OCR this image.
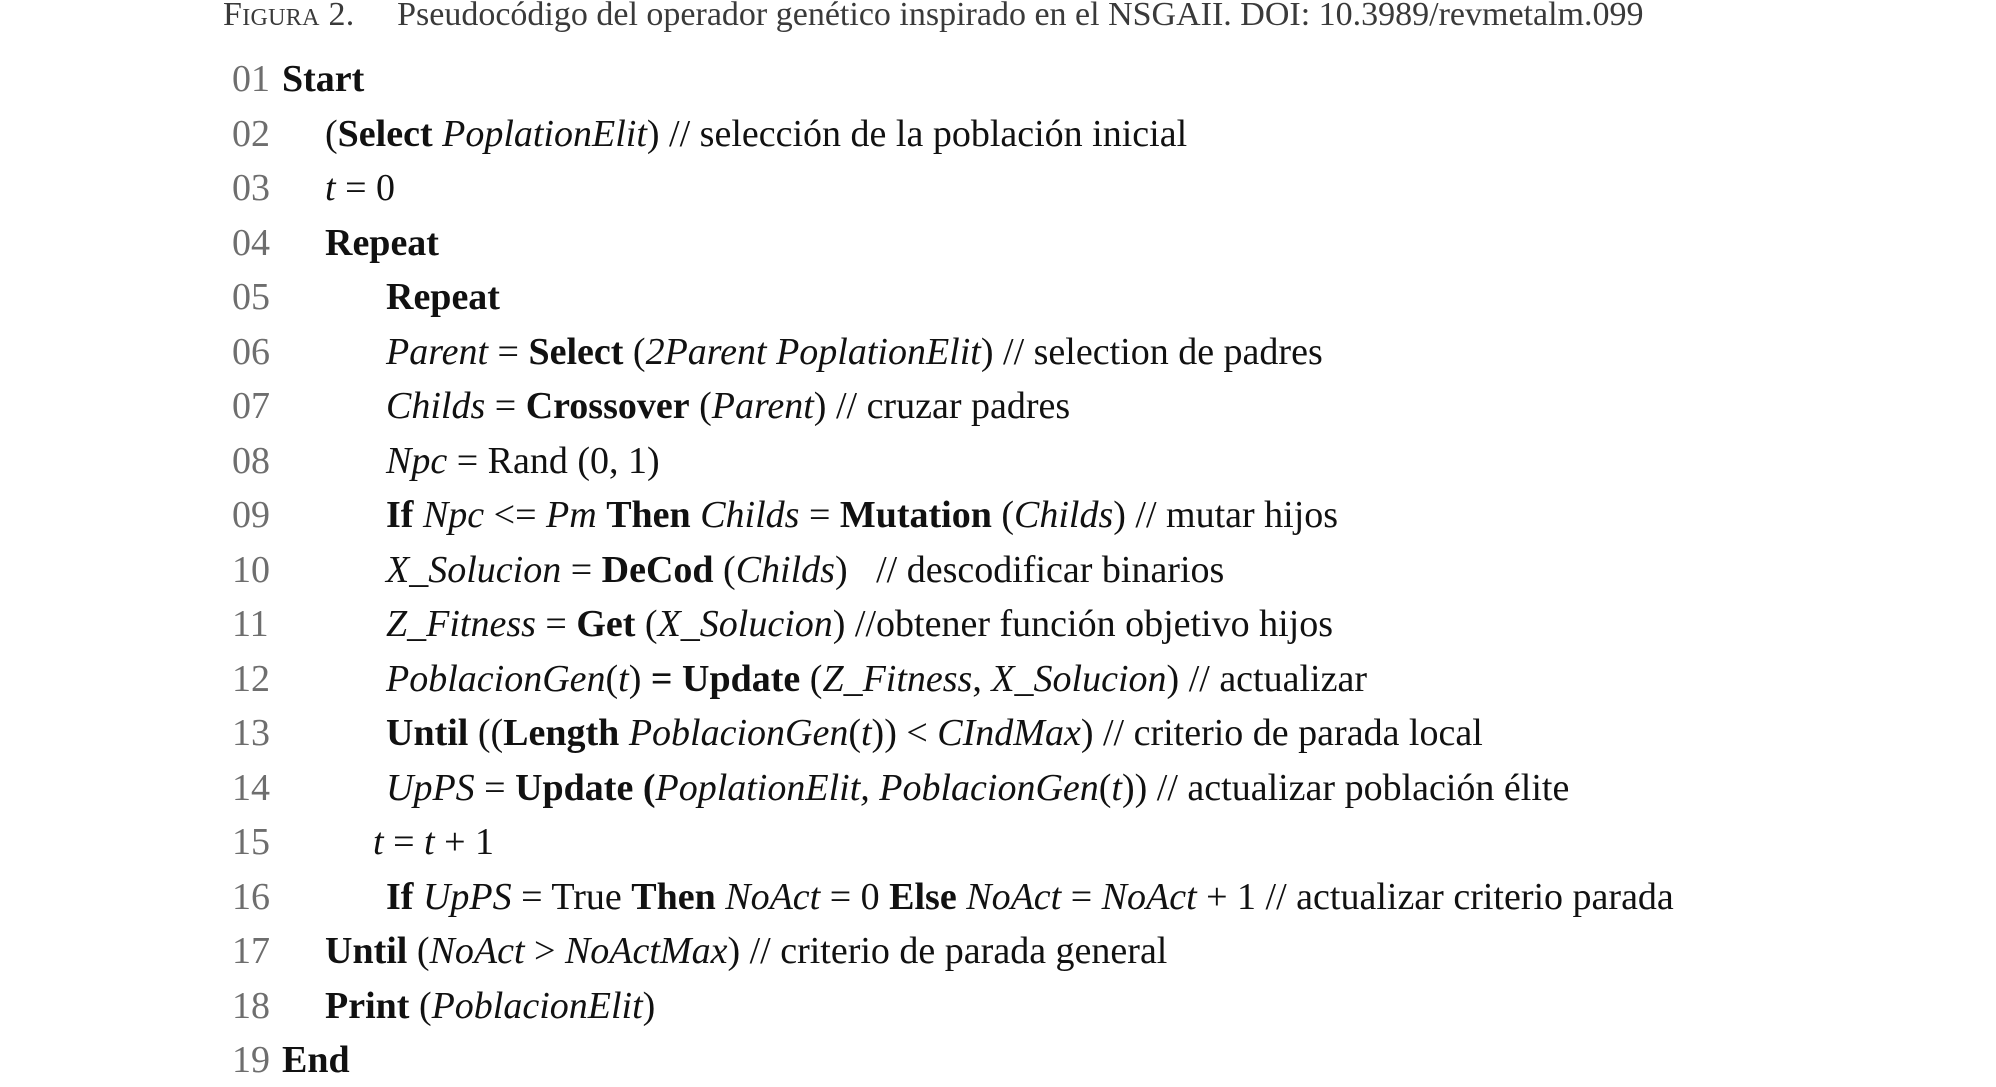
Figura 2. Pseudocódigo del operador genético inspirado en el NSGAII. DOI: 10.3989/revmetalm.099
01 Start
02 (Select PoplationElit) // selección de la población inicial
03 t = 0
04 Repeat
05	Repeat
06	Parent = Select (2Parent PoplationElit) // selection de padres
07	Childs = Crossover (Parent) // cruzar padres
08	Npc = Rand (0, 1)
09	If Npc <= Pm Then Childs = Mutation (Childs) // mutar hijos
10	X_Solucion = DeCod (Childs)   // descodificar binarios
11	Z_Fitness = Get (X_Solucion) //obtener función objetivo hijos
12	PoblacionGen(t) = Update (Z_Fitness, X_Solucion) // actualizar
13	Until ((Length PoblacionGen(t)) < CIndMax) // criterio de parada local
14	UpPS = Update (PoplationElit, PoblacionGen(t)) // actualizar población élite
15	t = t + 1
16	If UpPS = True Then NoAct = 0 Else NoAct = NoAct + 1 // actualizar criterio parada
17 Until (NoAct > NoActMax) // criterio de parada general
18 Print (PoblacionElit)
19 End
